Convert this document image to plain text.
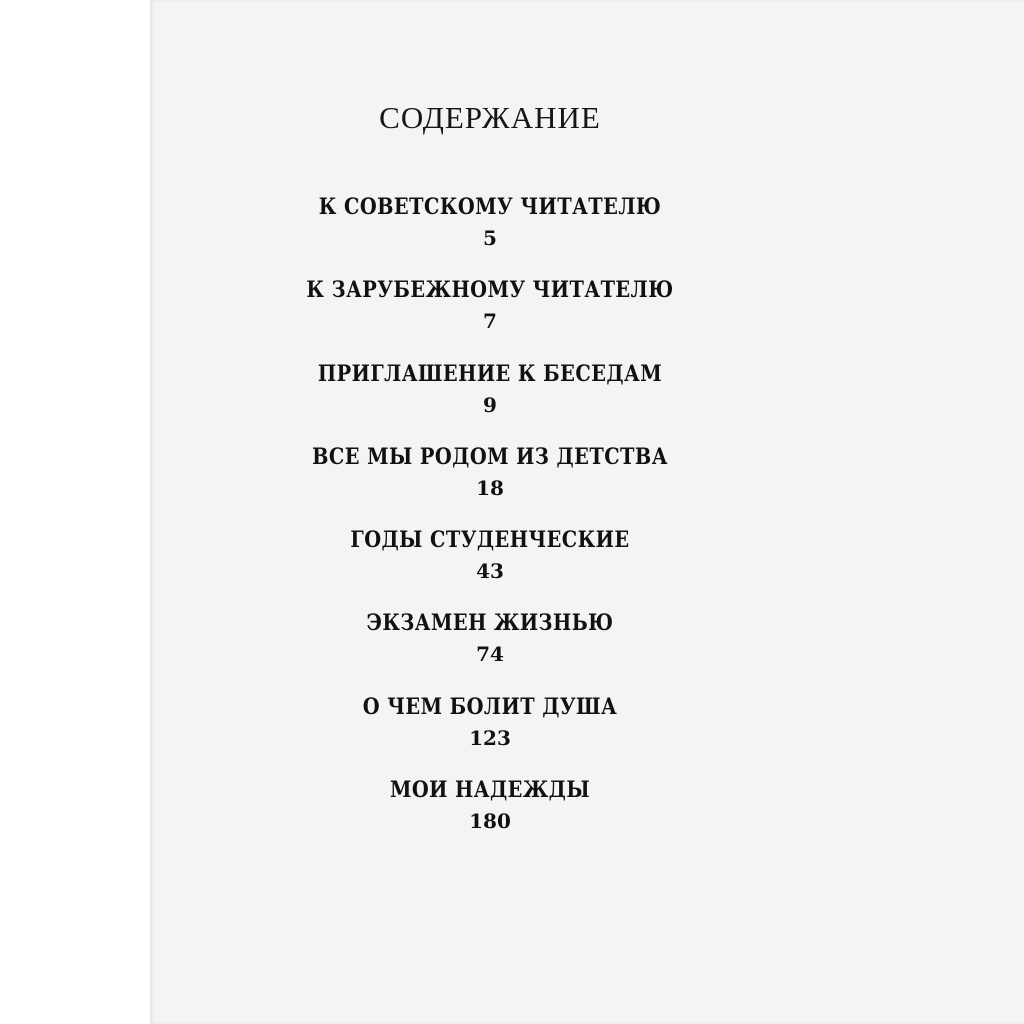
СОДЕРЖАНИЕ
К СОВЕТСКОМУ ЧИТАТЕЛЮ
5
К ЗАРУБЕЖНОМУ ЧИТАТЕЛЮ
7
ПРИГЛАШЕНИЕ К БЕСЕДАМ
9
ВСЕ МЫ РОДОМ ИЗ ДЕТСТВА
18
ГОДЫ СТУДЕНЧЕСКИЕ
43
ЭКЗАМЕН ЖИЗНЬЮ
74
О ЧЕМ БОЛИТ ДУША
123
МОИ НАДЕЖДЫ
180
